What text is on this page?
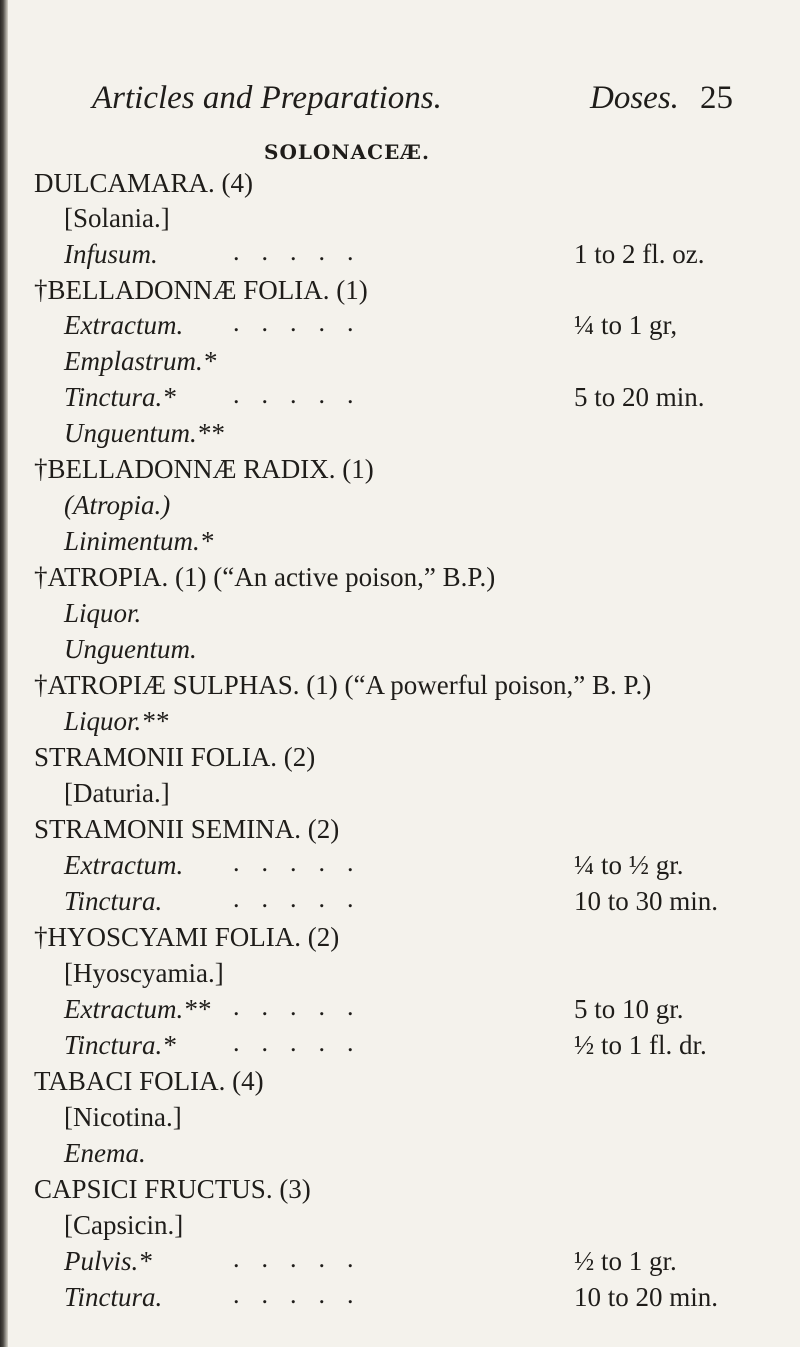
Articles and Preparations.	Doses. 25
SOLONACEÆ.
DULCAMARA. (4)
[Solania.]
Infusum.	.....	1 to 2 fl. oz.
†BELLADONNÆ FOLIA. (1)
Extractum. .....	¼ to 1 gr,
Emplastrum.*
Tinctura.* .....	5 to 20 min.
Unguentum.**
†BELLADONNÆ RADIX. (1)
(Atropia.)
Linimentum.*
†ATROPIA. (1) (“An active poison,” B.P.)
Liquor.
Unguentum.
†ATROPIÆ SULPHAS. (1) (“A powerful poison,” B. P.)
Liquor.**
STRAMONII FOLIA. (2)
[Daturia.]
STRAMONII SEMINA. (2)
Extractum. .....	¼ to ½ gr.
Tinctura.	.....	10 to 30 min.
†HYOSCYAMI FOLIA. (2)
[Hyoscyamia.]
Extractum.** .....	5 to 10 gr.
Tinctura.* .....	½ to 1 fl. dr.
TABACI FOLIA. (4)
[Nicotina.]
Enema.
CAPSICI FRUCTUS. (3)
[Capsicin.]
Pulvis.*	.....	½ to 1 gr.
Tinctura.	.....	10 to 20 min.
